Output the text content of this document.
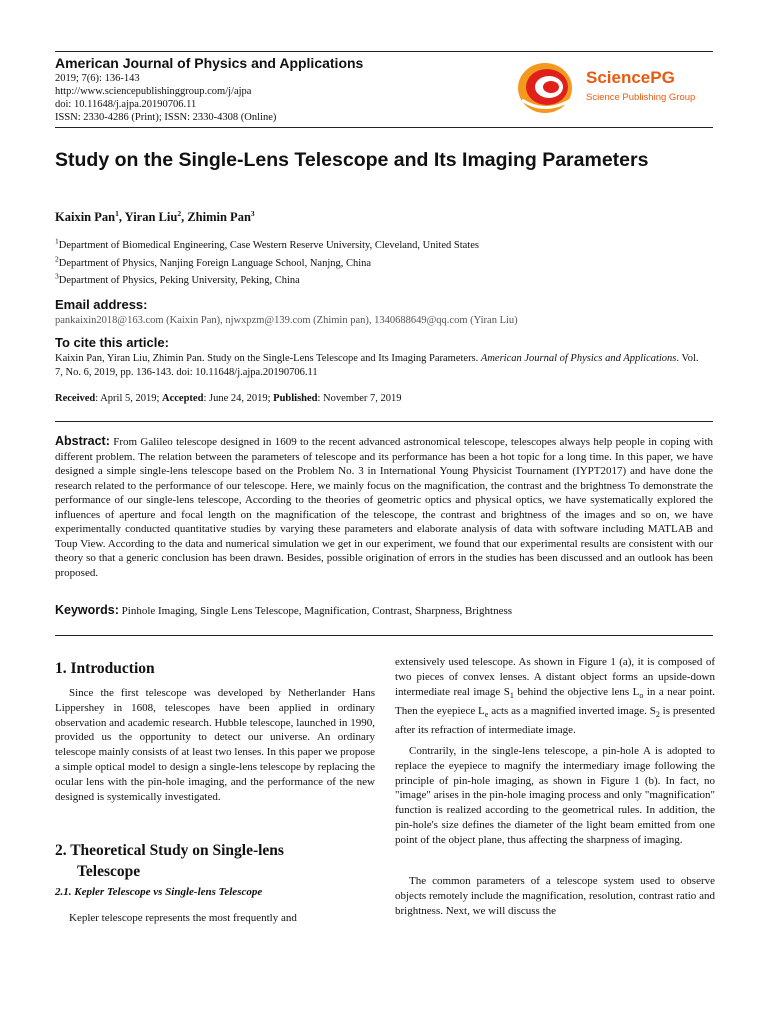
American Journal of Physics and Applications
2019; 7(6): 136-143
http://www.sciencepublishinggroup.com/j/ajpa
doi: 10.11648/j.ajpa.20190706.11
ISSN: 2330-4286 (Print); ISSN: 2330-4308 (Online)
SciencePG
Science Publishing Group
Study on the Single-Lens Telescope and Its Imaging Parameters
Kaixin Pan$^1$, Yiran Liu$^2$, Zhimin Pan$^3$
$^1$Department of Biomedical Engineering, Case Western Reserve University, Cleveland, United States
$^2$Department of Physics, Nanjing Foreign Language School, Nanjng, China
$^3$Department of Physics, Peking University, Peking, China
Email address:
pankaixin2018@163.com (Kaixin Pan), njwxpzm@139.com (Zhimin pan), 1340688649@qq.com (Yiran Liu)
To cite this article:
Kaixin Pan, Yiran Liu, Zhimin Pan. Study on the Single-Lens Telescope and Its Imaging Parameters. American Journal of Physics and Applications. Vol. 7, No. 6, 2019, pp. 136-143. doi: 10.11648/j.ajpa.20190706.11
Received: April 5, 2019; Accepted: June 24, 2019; Published: November 7, 2019
Abstract: From Galileo telescope designed in 1609 to the recent advanced astronomical telescope, telescopes always help people in coping with different problem. The relation between the parameters of telescope and its performance has been a hot topic for a long time. In this paper, we have designed a simple single-lens telescope based on the Problem No. 3 in International Young Physicist Tournament (IYPT2017) and have done the research related to the performance of our telescope. Here, we mainly focus on the magnification, the contrast and the brightness To demonstrate the performance of our single-lens telescope, According to the theories of geometric optics and physical optics, we have systematically explored the influences of aperture and focal length on the magnification of the telescope, the contrast and brightness of the images and so on, we have experimentally conducted quantitative studies by varying these parameters and elaborate analysis of data with software including MATLAB and Toup View. According to the data and numerical simulation we get in our experiment, we found that our experimental results are consistent with our theory so that a generic conclusion has been drawn. Besides, possible origination of errors in the studies has been discussed and an outlook has been proposed.
Keywords: Pinhole Imaging, Single Lens Telescope, Magnification, Contrast, Sharpness, Brightness
1. Introduction
Since the first telescope was developed by Netherlander Hans Lippershey in 1608, telescopes have been applied in ordinary observation and academic research. Hubble telescope, launched in 1990, provided us the opportunity to detect our universe. An ordinary telescope mainly consists of at least two lenses. In this paper we propose a simple optical model to design a single-lens telescope by replacing the ocular lens with the pin-hole imaging, and the performance of the new designed is systemically investigated.
2. Theoretical Study on Single-lens
Telescope
2.1. Kepler Telescope vs Single-lens Telescope
Kepler telescope represents the most frequently and
extensively used telescope. As shown in Figure 1 (a), it is composed of two pieces of convex lenses. A distant object forms an upside-down intermediate real image $S_1$ behind the objective lens $L_o$ in a near point. Then the eyepiece $L_e$ acts as a magnified inverted image. $S_2$ is presented after its refraction of intermediate image.
Contrarily, in the single-lens telescope, a pin-hole A is adopted to replace the eyepiece to magnify the intermediary image following the principle of pin-hole imaging, as shown in Figure 1 (b). In fact, no "image" arises in the pin-hole imaging process and only "magnification" function is realized according to the geometrical rules. In addition, the pin-hole's size defines the diameter of the light beam emitted from one point of the object plane, thus affecting the sharpness of imaging.
The common parameters of a telescope system used to observe objects remotely include the magnification, resolution, contrast ratio and brightness. Next, we will discuss the
